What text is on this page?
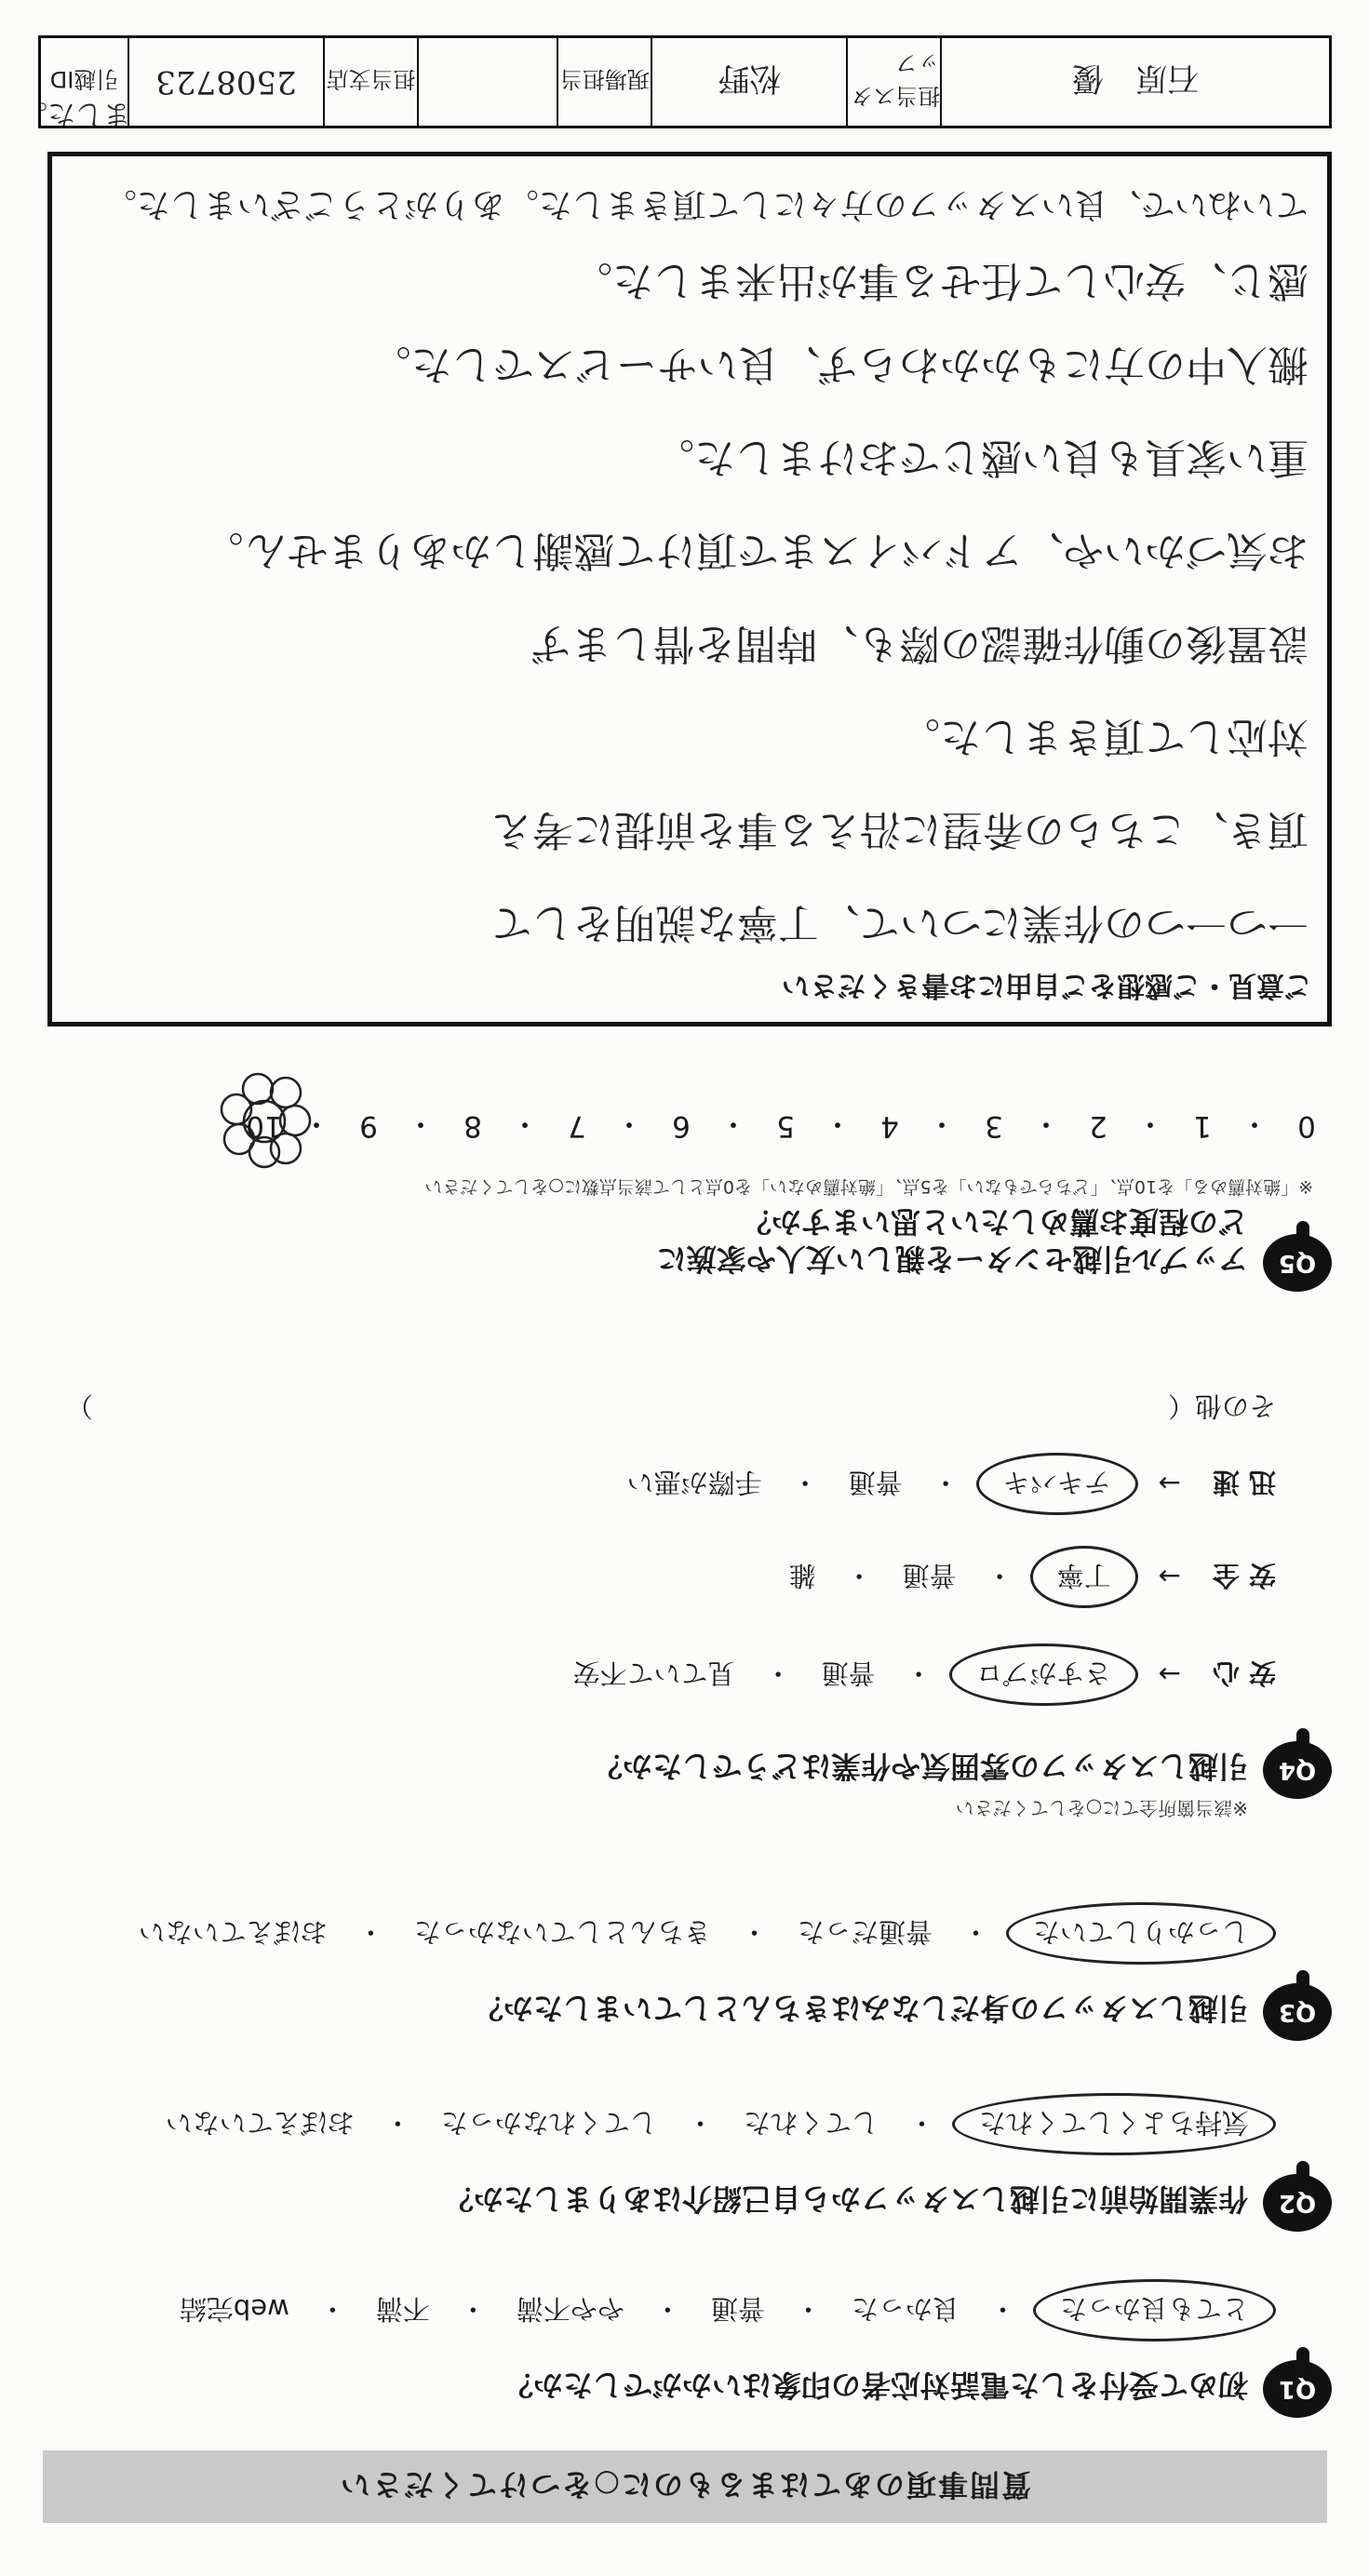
質問事項のあてはまるものに○をつけてください
Q1
初めて受付をした電話対応者の印象はいかがでしたか？
とても良かった
・
良かった
・
普通
・
やや不満
・
不満
・
web完結
Q2
作業開始前に引越しスタッフから自己紹介はありましたか？
気持ちよくしてくれた
・
してくれた
・
してくれなかった
・
おぼえていない
Q3
引越しスタッフの身だしなみはきちんとしていましたか？
しっかりしていた
・
普通だった
・
きちんとしていなかった
・
おぼえていない
※該当箇所全てに○をしてください
Q4
引越しスタッフの雰囲気や作業はどうでしたか？
安心
→
さすがプロ
・
普通
・
見ていて不安
安全
→
丁寧
・
普通
・
雑
迅速
→
テキパキ
・
普通
・
手際が悪い
その他（
）
Q5
アップル引越センターを親しい友人や家族に
どの程度お薦めしたいと思いますか？
※「絶対薦める」を10点、「どちらでもない」を5点、「絶対薦めない」を0点として該当点数に○をしてください
0
・
1
・
2
・
3
・
4
・
5
・
6
・
7
・
8
・
9
・
10
ご意見・ご感想をご自由にお書きください
一つ一つの作業について、丁寧な説明をして
頂き、こちらの希望に沿える事を前提に考え
対応して頂きました。
設置後の動作確認の際も、時間を惜しまず
お気づかいや、アドバイスまで頂けて感謝しかありません。
重い家具も良い感じでおけました。
搬入中の方にもかかわらず、良いサービスでした。
感じ、安心して任せる事が出来ました。
ていねいで、良いスタッフの方々にして頂きました。ありがとうございました。
ました。
石原　優
担当スタッフ
松野
現場担当
担当支店
2508723
引越ID
